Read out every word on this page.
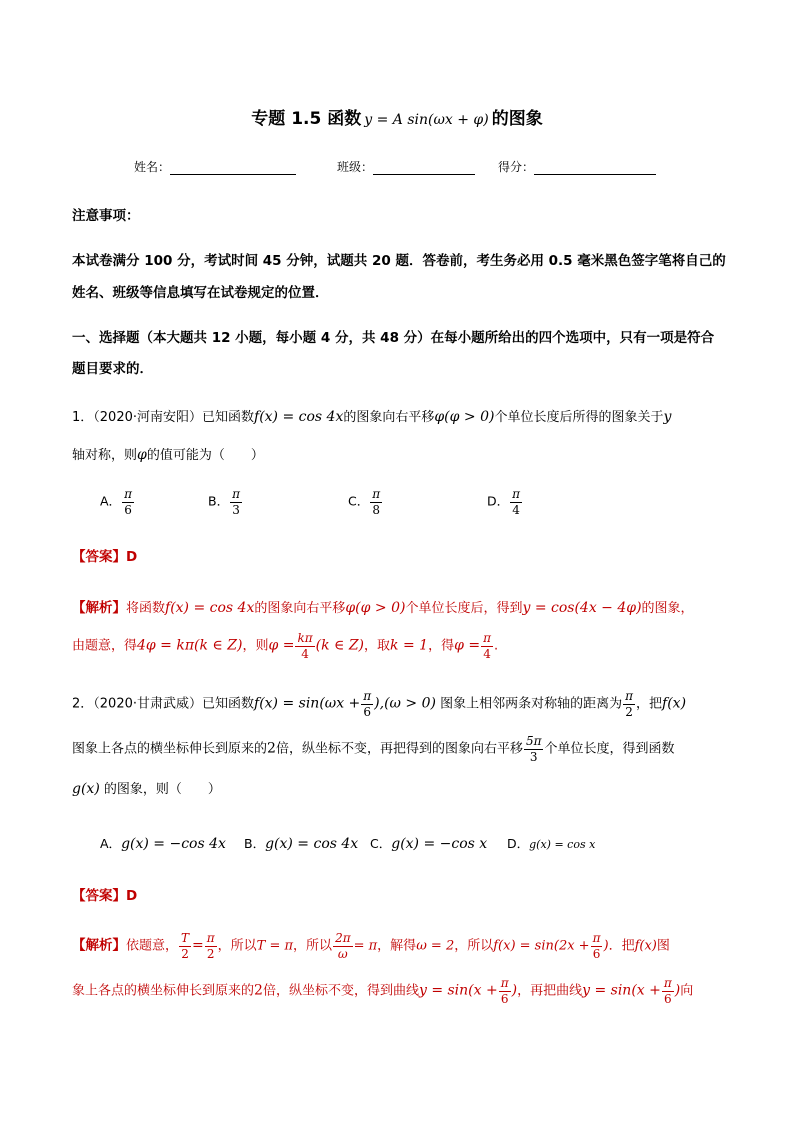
专题 1.5 函数 y = A sin(ωx + φ) 的图象
姓名：	班级：	得分：
注意事项：
本试卷满分 100 分，考试时间 45 分钟，试题共 20 题．答卷前，考生务必用 0.5 毫米黑色签字笔将自己的
姓名、班级等信息填写在试卷规定的位置．
一、选择题（本大题共 12 小题，每小题 4 分，共 48 分）在每小题所给出的四个选项中，只有一项是符合
题目要求的．
1．（2020·河南安阳）已知函数f(x) = cos 4x的图象向右平移φ(φ > 0)个单位长度后所得的图象关于y
轴对称，则φ的值可能为（　　）
A． $\frac{\pi}{6}$	B． $\frac{\pi}{3}$	C． $\frac{\pi}{8}$	D． $\frac{\pi}{4}$
【答案】D
【解析】将函数f(x) = cos 4x的图象向右平移φ(φ > 0)个单位长度后，得到y = cos(4x − 4φ)的图象，
由题意，得4φ = kπ(k ∈ Z)，则$\varphi = \frac{k\pi}{4} (k$ ∈ Z)，取k = 1，得$\varphi = \frac{\pi}{4}$ .
2．（2020·甘肃武威）已知函数$f(x) = \sin(\omega x + \frac{\pi}{6} ),(\omega > 0)$ 图象上相邻两条对称轴的距离为 $\frac{\pi}{2}$ ，把f(x)
图象上各点的横坐标伸长到原来的2倍，纵坐标不变，再把得到的图象向右平移 $\frac{5\pi}{3}$ 个单位长度，得到函数
g(x) 的图象，则（　　）
A．g(x) = −cos 4x B．g(x) = cos 4x C．g(x) = −cos x D．g(x) = cos x
【答案】D
【解析】依题意， $\frac{T}{2} = \frac{\pi}{2}$ ，所以T = π，所以 $\frac{2\pi}{\omega} = \pi$，解得ω = 2，所以$f(x) = \sin(2x + \frac{\pi}{6}$ )．把f(x)图
象上各点的横坐标伸长到原来的2倍，纵坐标不变，得到曲线$y = \sin(x + \frac{\pi}{6}$ )，再把曲线$y = \sin(x + \frac{\pi}{6}$ )向
